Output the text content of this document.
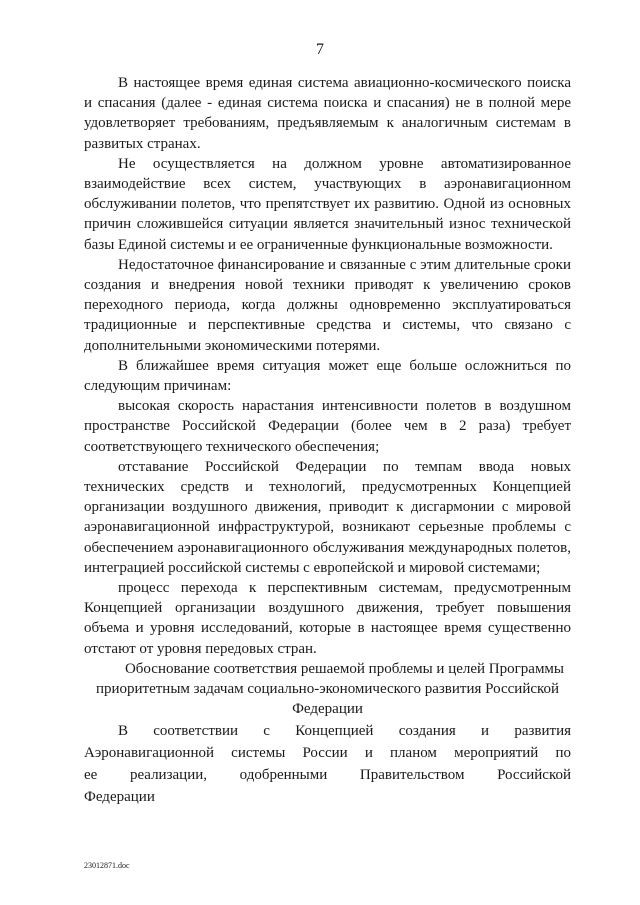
7

В настоящее время единая система авиационно-космического поиска и спасания (далее - единая система поиска и спасания) не в полной мере удовлетворяет требованиям, предъявляемым к аналогичным системам в развитых странах.

Не осуществляется на должном уровне автоматизированное взаимодействие всех систем, участвующих в аэронавигационном обслуживании полетов, что препятствует их развитию. Одной из основных причин сложившейся ситуации является значительный износ технической базы Единой системы и ее ограниченные функциональные возможности.

Недостаточное финансирование и связанные с этим длительные сроки создания и внедрения новой техники приводят к увеличению сроков переходного периода, когда должны одновременно эксплуатироваться традиционные и перспективные средства и системы, что связано с дополнительными экономическими потерями.

В ближайшее время ситуация может еще больше осложниться по следующим причинам:

высокая скорость нарастания интенсивности полетов в воздушном пространстве Российской Федерации (более чем в 2 раза) требует соответствующего технического обеспечения;

отставание Российской Федерации по темпам ввода новых технических средств и технологий, предусмотренных Концепцией организации воздушного движения, приводит к дисгармонии с мировой аэронавигационной инфраструктурой, возникают серьезные проблемы с обеспечением аэронавигационного обслуживания международных полетов, интеграцией российской системы с европейской и мировой системами;

процесс перехода к перспективным системам, предусмотренным Концепцией организации воздушного движения, требует повышения объема и уровня исследований, которые в настоящее время существенно отстают от уровня передовых стран.

Обоснование соответствия решаемой проблемы и целей Программы приоритетным задачам социально-экономического развития Российской Федерации

В соответствии с Концепцией создания и развития Аэронавигационной системы России и планом мероприятий по ее реализации, одобренными Правительством Российской Федерации

23012871.doc
